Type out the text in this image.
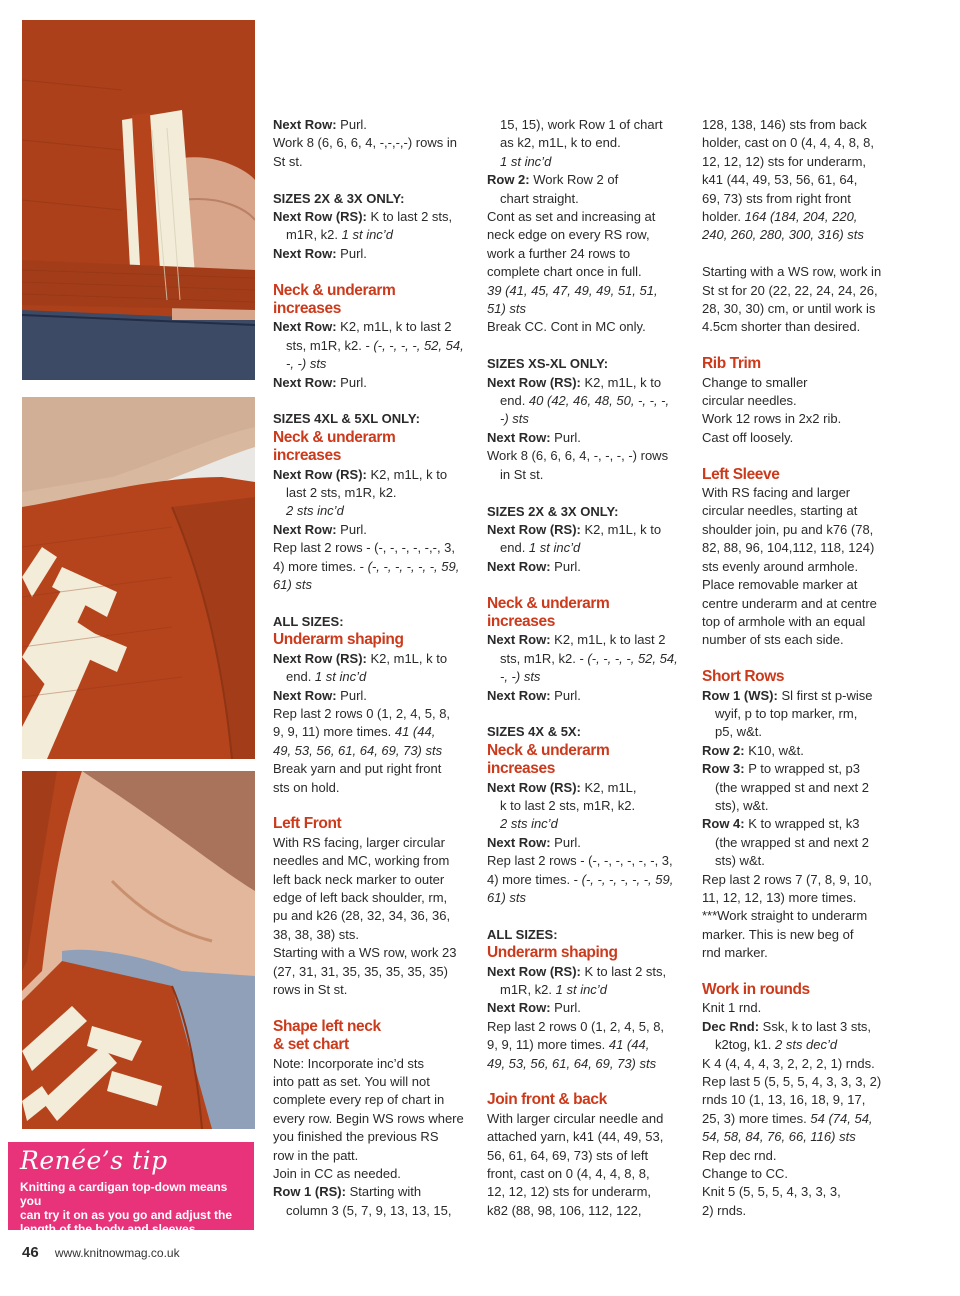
Renée’s tip
Knitting a cardigan top-down means you
can try it on as you go and adjust the
length of the body and sleeves
46 www.knitnowmag.co.uk
Next Row: Purl.
Work 8 (6, 6, 6, 4, -,-,-,-) rows in
St st.
SIZES 2X & 3X ONLY:
Next Row (RS): K to last 2 sts,
m1R, k2. 1 st inc’d
Next Row: Purl.
Neck & underarm
increases
Next Row: K2, m1L, k to last 2
sts, m1R, k2. - (-, -, -, -, 52, 54,
-, -) sts
Next Row: Purl.
SIZES 4XL & 5XL ONLY:
Neck & underarm
increases
Next Row (RS): K2, m1L, k to
last 2 sts, m1R, k2.
2 sts inc’d
Next Row: Purl.
Rep last 2 rows - (-, -, -, -, -,-, 3,
4) more times. - (-, -, -, -, -, -, 59,
61) sts
ALL SIZES:
Underarm shaping
Next Row (RS): K2, m1L, k to
end. 1 st inc’d
Next Row: Purl.
Rep last 2 rows 0 (1, 2, 4, 5, 8,
9, 9, 11) more times. 41 (44,
49, 53, 56, 61, 64, 69, 73) sts
Break yarn and put right front
sts on hold.
Left Front
With RS facing, larger circular
needles and MC, working from
left back neck marker to outer
edge of left back shoulder, rm,
pu and k26 (28, 32, 34, 36, 36,
38, 38, 38) sts.
Starting with a WS row, work 23
(27, 31, 31, 35, 35, 35, 35, 35)
rows in St st.
Shape left neck
& set chart
Note: Incorporate inc’d sts
into patt as set. You will not
complete every rep of chart in
every row. Begin WS rows where
you finished the previous RS
row in the patt.
Join in CC as needed.
Row 1 (RS): Starting with
column 3 (5, 7, 9, 13, 13, 15,
15, 15), work Row 1 of chart
as k2, m1L, k to end.
1 st inc’d
Row 2: Work Row 2 of
chart straight.
Cont as set and increasing at
neck edge on every RS row,
work a further 24 rows to
complete chart once in full.
39 (41, 45, 47, 49, 49, 51, 51,
51) sts
Break CC. Cont in MC only.
SIZES XS-XL ONLY:
Next Row (RS): K2, m1L, k to
end. 40 (42, 46, 48, 50, -, -, -,
-) sts
Next Row: Purl.
Work 8 (6, 6, 6, 4, -, -, -, -) rows
in St st.
SIZES 2X & 3X ONLY:
Next Row (RS): K2, m1L, k to
end. 1 st inc’d
Next Row: Purl.
Neck & underarm
increases
Next Row: K2, m1L, k to last 2
sts, m1R, k2. - (-, -, -, -, 52, 54,
-, -) sts
Next Row: Purl.
SIZES 4X & 5X:
Neck & underarm
increases
Next Row (RS): K2, m1L,
k to last 2 sts, m1R, k2.
2 sts inc’d
Next Row: Purl.
Rep last 2 rows - (-, -, -, -, -, -, 3,
4) more times. - (-, -, -, -, -, -, 59,
61) sts
ALL SIZES:
Underarm shaping
Next Row (RS): K to last 2 sts,
m1R, k2. 1 st inc’d
Next Row: Purl.
Rep last 2 rows 0 (1, 2, 4, 5, 8,
9, 9, 11) more times. 41 (44,
49, 53, 56, 61, 64, 69, 73) sts
Join front & back
With larger circular needle and
attached yarn, k41 (44, 49, 53,
56, 61, 64, 69, 73) sts of left
front, cast on 0 (4, 4, 4, 8, 8,
12, 12, 12) sts for underarm,
k82 (88, 98, 106, 112, 122,
128, 138, 146) sts from back
holder, cast on 0 (4, 4, 4, 8, 8,
12, 12, 12) sts for underarm,
k41 (44, 49, 53, 56, 61, 64,
69, 73) sts from right front
holder. 164 (184, 204, 220,
240, 260, 280, 300, 316) sts
Starting with a WS row, work in
St st for 20 (22, 22, 24, 24, 26,
28, 30, 30) cm, or until work is
4.5cm shorter than desired.
Rib Trim
Change to smaller
circular needles.
Work 12 rows in 2x2 rib.
Cast off loosely.
Left Sleeve
With RS facing and larger
circular needles, starting at
shoulder join, pu and k76 (78,
82, 88, 96, 104,112, 118, 124)
sts evenly around armhole.
Place removable marker at
centre underarm and at centre
top of armhole with an equal
number of sts each side.
Short Rows
Row 1 (WS): Sl first st p-wise
wyif, p to top marker, rm,
p5, w&t.
Row 2: K10, w&t.
Row 3: P to wrapped st, p3
(the wrapped st and next 2
sts), w&t.
Row 4: K to wrapped st, k3
(the wrapped st and next 2
sts) w&t.
Rep last 2 rows 7 (7, 8, 9, 10,
11, 12, 12, 13) more times.
***Work straight to underarm
marker. This is new beg of
rnd marker.
Work in rounds
Knit 1 rnd.
Dec Rnd: Ssk, k to last 3 sts,
k2tog, k1. 2 sts dec’d
K 4 (4, 4, 4, 3, 2, 2, 2, 1) rnds.
Rep last 5 (5, 5, 5, 4, 3, 3, 3, 2)
rnds 10 (1, 13, 16, 18, 9, 17,
25, 3) more times. 54 (74, 54,
54, 58, 84, 76, 66, 116) sts
Rep dec rnd.
Change to CC.
Knit 5 (5, 5, 5, 4, 3, 3, 3,
2) rnds.
